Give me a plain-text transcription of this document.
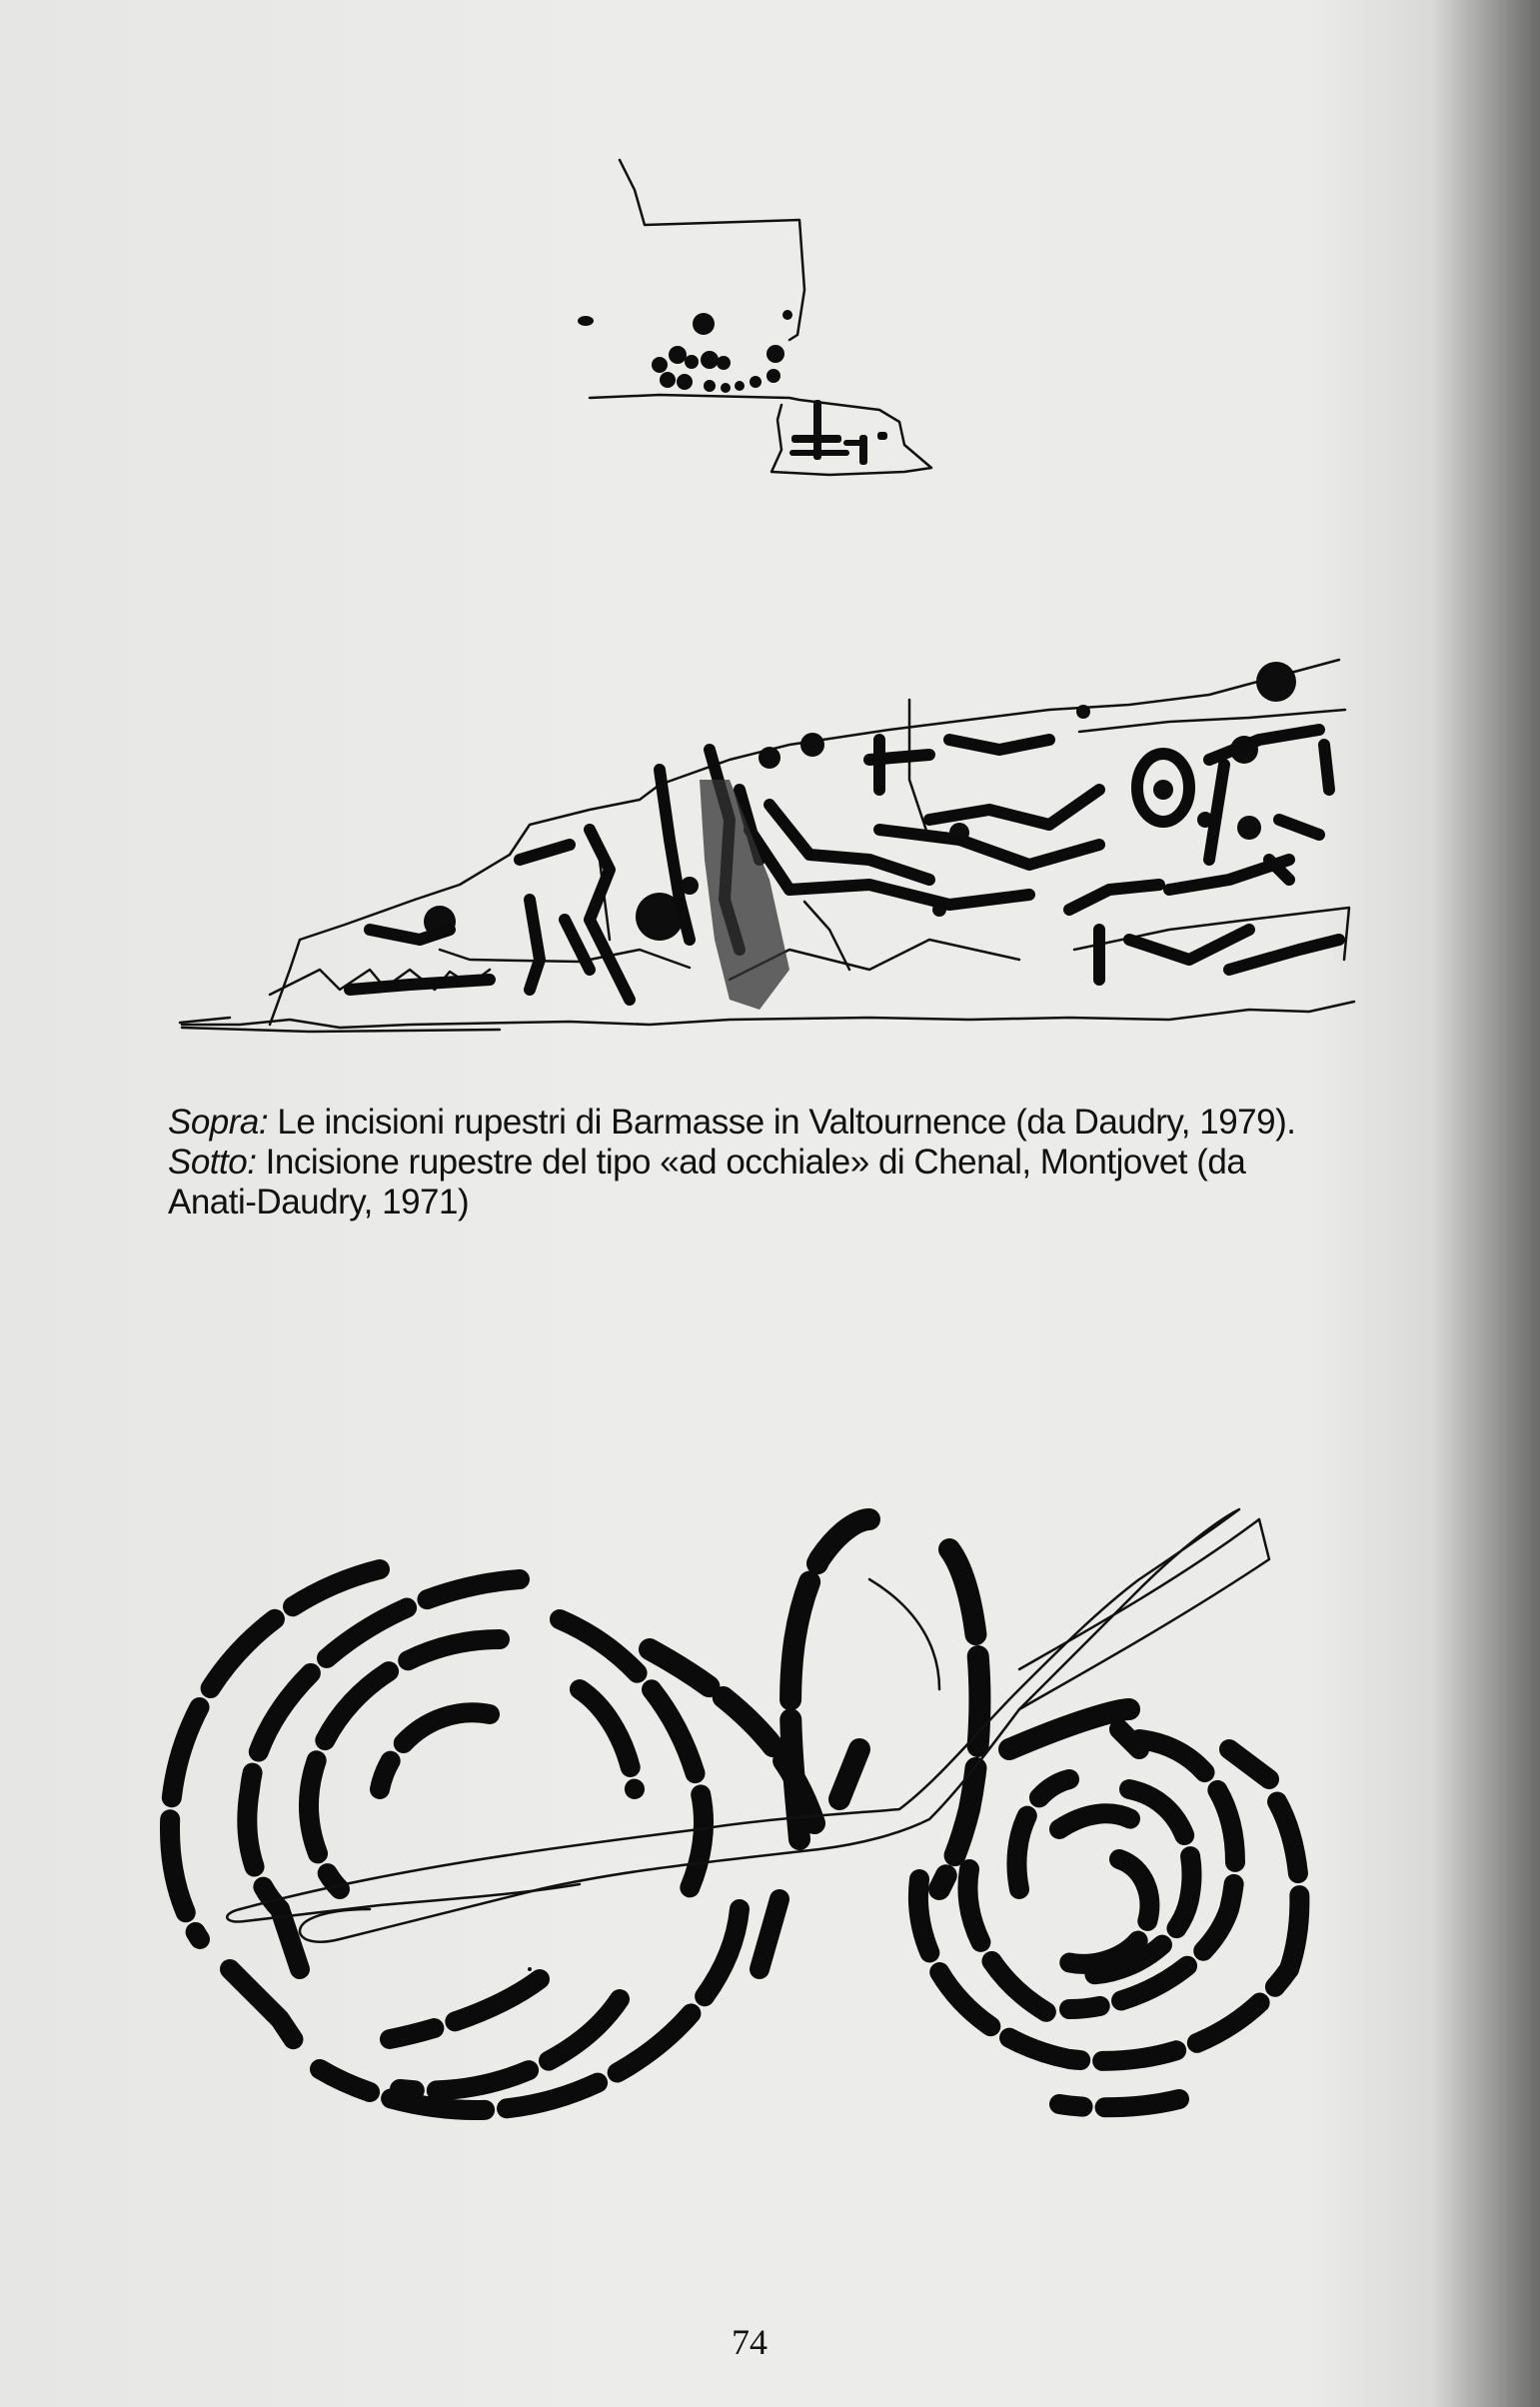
Sopra: Le incisioni rupestri di Barmasse in Valtournence (da Daudry, 1979).
Sotto: Incisione rupestre del tipo «ad occhiale» di Chenal, Montjovet (da
Anati-Daudry, 1971)
74
